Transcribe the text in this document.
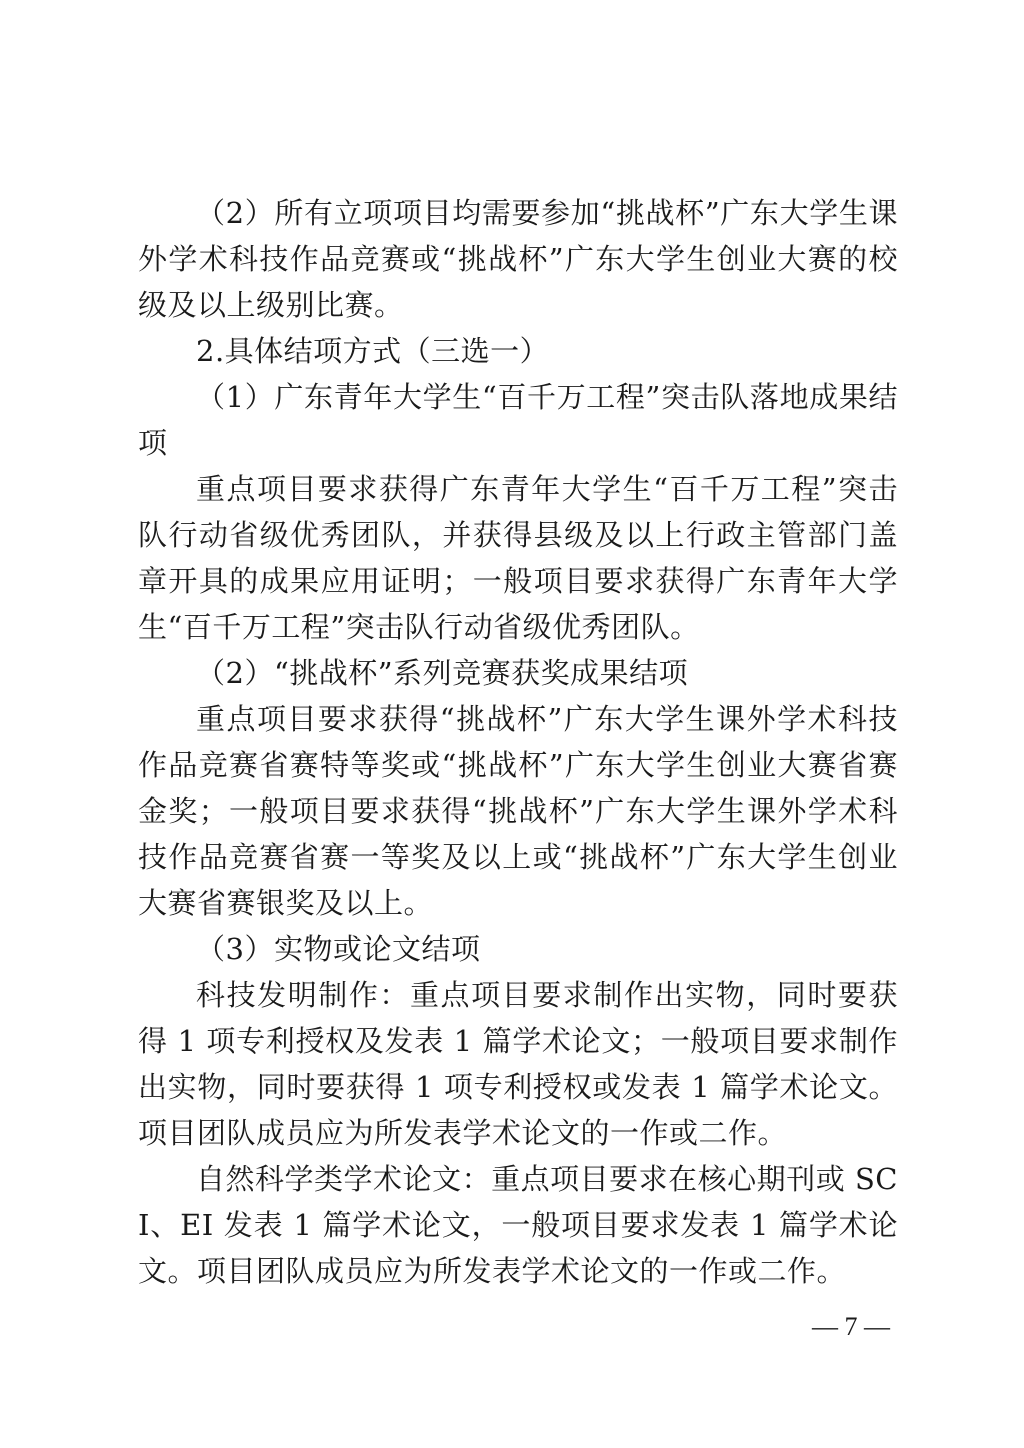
（2）所有立项项目均需要参加“挑战杯”广东大学生课外学术科技作品竞赛或“挑战杯”广东大学生创业大赛的校级及以上级别比赛。

2.具体结项方式（三选一）

（1）广东青年大学生“百千万工程”突击队落地成果结项

重点项目要求获得广东青年大学生“百千万工程”突击队行动省级优秀团队，并获得县级及以上行政主管部门盖章开具的成果应用证明；一般项目要求获得广东青年大学生“百千万工程”突击队行动省级优秀团队。

（2）“挑战杯”系列竞赛获奖成果结项

重点项目要求获得“挑战杯”广东大学生课外学术科技作品竞赛省赛特等奖或“挑战杯”广东大学生创业大赛省赛金奖；一般项目要求获得“挑战杯”广东大学生课外学术科技作品竞赛省赛一等奖及以上或“挑战杯”广东大学生创业大赛省赛银奖及以上。

（3）实物或论文结项

科技发明制作：重点项目要求制作出实物，同时要获得 1 项专利授权及发表 1 篇学术论文；一般项目要求制作出实物，同时要获得 1 项专利授权或发表 1 篇学术论文。项目团队成员应为所发表学术论文的一作或二作。

自然科学类学术论文：重点项目要求在核心期刊或 SCI、EI 发表 1 篇学术论文，一般项目要求发表 1 篇学术论文。项目团队成员应为所发表学术论文的一作或二作。

— 7 —
